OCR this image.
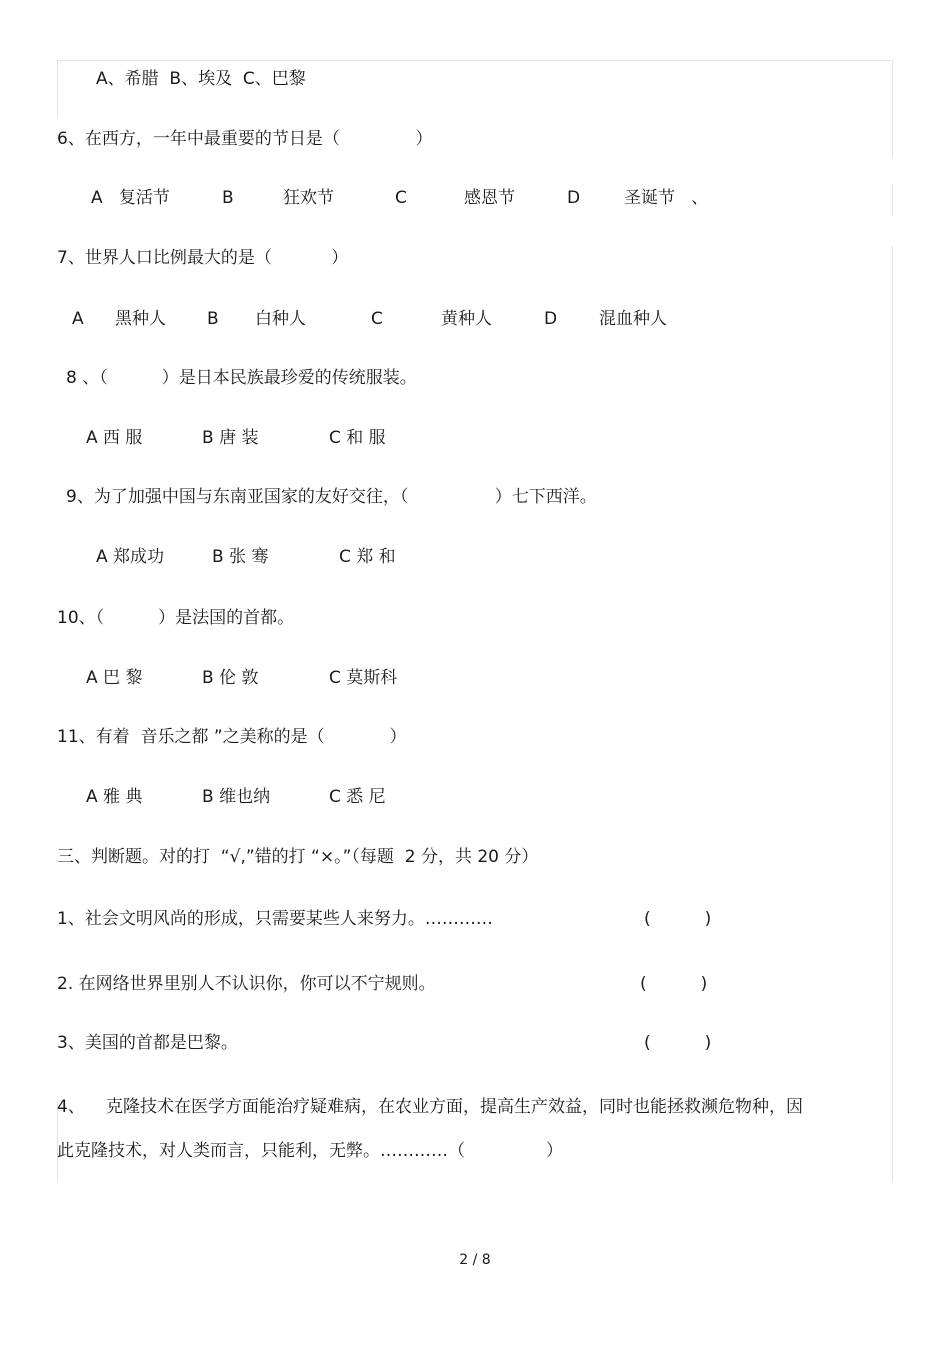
A、希腊  B、埃及  C、巴黎
6、在西方，一年中最重要的节日是（              ）
A   复活节	B	狂欢节	C	感恩节	D	圣诞节   、
7、世界人口比例最大的是（           ）
A 黑种人 B 白种人	C	黄种人	D 混血种人
8 、（          ）是日本民族最珍爱的传统服装。
A 西 服	B 唐 装	C 和 服
9、为了加强中国与东南亚国家的友好交往，（                ）七下西洋。
A 郑成功	B 张 骞	C 郑 和
10、（          ）是法国的首都。
A 巴 黎	B 伦 敦	C 莫斯科
11、有着  音乐之都 ”之美称的是（            ）
A 雅 典	B 维也纳	C 悉 尼
三、判断题。对的打  “√,”错的打 “×。”（每题  2 分，共 20 分）
1、社会文明风尚的形成，只需要某些人来努力。…………	(          )
2. 在网络世界里别人不认识你，你可以不宁规则。	(          )
3、美国的首都是巴黎。	(          )
4、 克隆技术在医学方面能治疗疑难病，在农业方面，提高生产效益，同时也能拯救濒危物种，因
此克隆技术，对人类而言，只能利，无弊。…………（               ）
2 / 8
